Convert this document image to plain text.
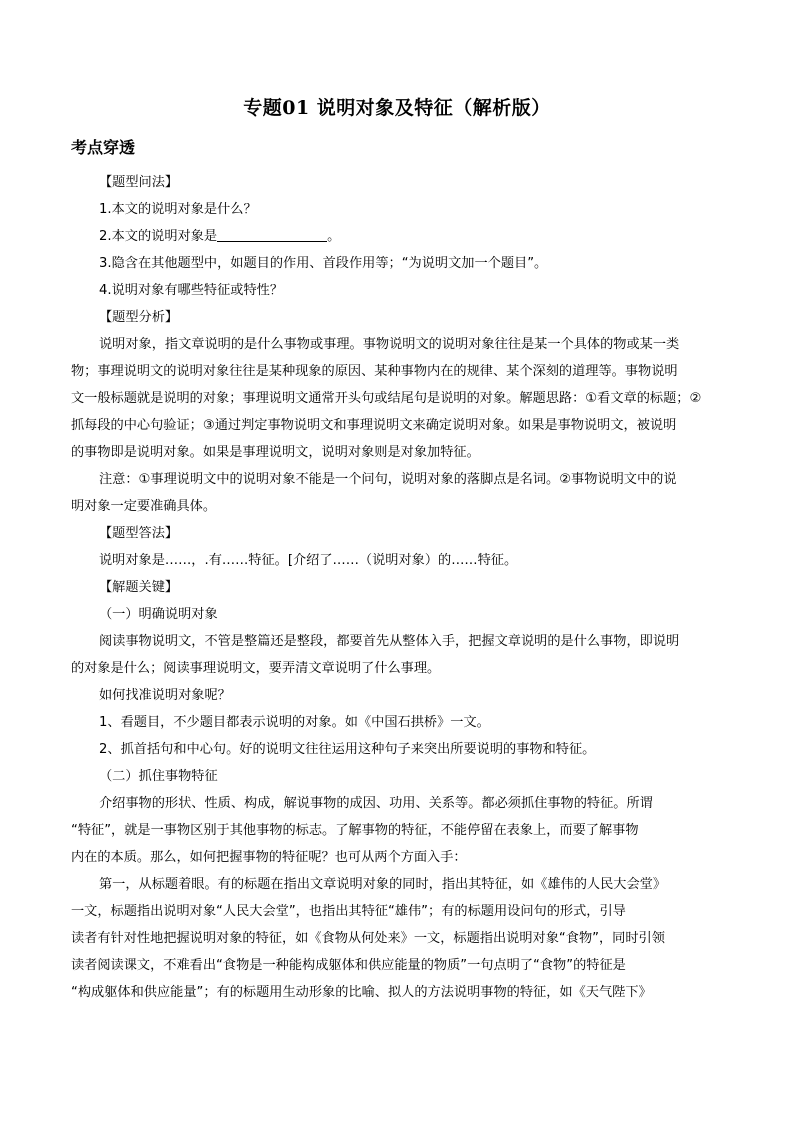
专题01 说明对象及特征（解析版）
考点穿透
【题型问法】
1.本文的说明对象是什么？
2.本文的说明对象是	。
3.隐含在其他题型中，如题目的作用、首段作用等；“为说明文加一个题目”。
4.说明对象有哪些特征或特性？
【题型分析】
说明对象，指文章说明的是什么事物或事理。事物说明文的说明对象往往是某一个具体的物或某一类
物；事理说明文的说明对象往往是某种现象的原因、某种事物内在的规律、某个深刻的道理等。事物说明
文一般标题就是说明的对象；事理说明文通常开头句或结尾句是说明的对象。解题思路：①看文章的标题；②
抓每段的中心句验证；③通过判定事物说明文和事理说明文来确定说明对象。如果是事物说明文，被说明
的事物即是说明对象。如果是事理说明文，说明对象则是对象加特征。
注意：①事理说明文中的说明对象不能是一个问句，说明对象的落脚点是名词。②事物说明文中的说
明对象一定要准确具体。
【题型答法】
说明对象是……，.有……特征。[介绍了……（说明对象）的……特征。
【解题关键】
（一）明确说明对象
阅读事物说明文，不管是整篇还是整段，都要首先从整体入手，把握文章说明的是什么事物，即说明
的对象是什么；阅读事理说明文，要弄清文章说明了什么事理。
如何找准说明对象呢？
1、看题目，不少题目都表示说明的对象。如《中国石拱桥》一文。
2、抓首括句和中心句。好的说明文往往运用这种句子来突出所要说明的事物和特征。
（二）抓住事物特征
介绍事物的形状、性质、构成，解说事物的成因、功用、关系等。都必须抓住事物的特征。所谓
“特征”，就是一事物区别于其他事物的标志。了解事物的特征，不能停留在表象上，而要了解事物
内在的本质。那么，如何把握事物的特征呢？也可从两个方面入手：
第一，从标题着眼。有的标题在指出文章说明对象的同时，指出其特征，如《雄伟的人民大会堂》
一文，标题指出说明对象“人民大会堂”，也指出其特征“雄伟”；有的标题用设问句的形式，引导
读者有针对性地把握说明对象的特征，如《食物从何处来》一文，标题指出说明对象“食物”，同时引领
读者阅读课文，不难看出“食物是一种能构成躯体和供应能量的物质”一句点明了“食物”的特征是
“构成躯体和供应能量”；有的标题用生动形象的比喻、拟人的方法说明事物的特征，如《天气陛下》
